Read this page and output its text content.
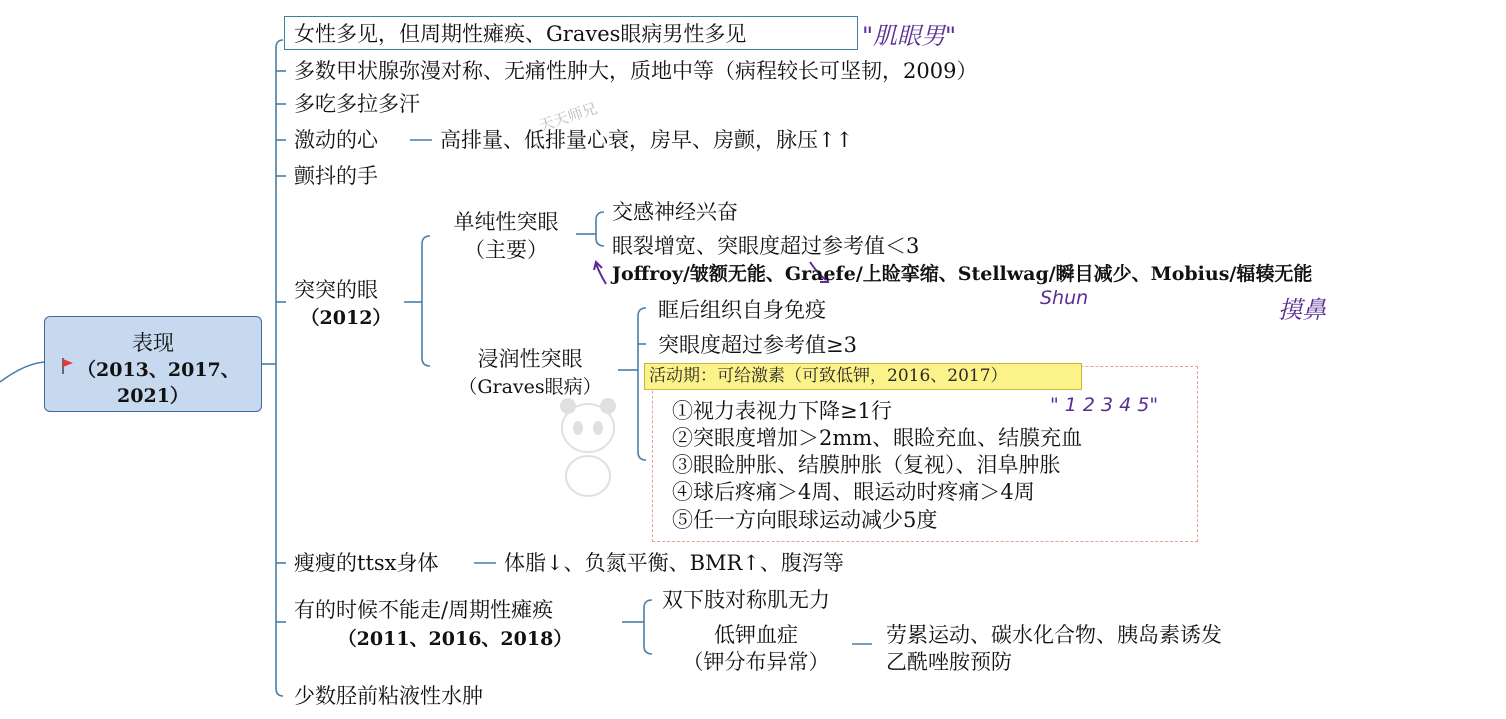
表现
（2013、2017、
2021）
女性多见，但周期性瘫痪、Graves眼病男性多见
多数甲状腺弥漫对称、无痛性肿大，质地中等（病程较长可坚韧，2009）
多吃多拉多汗
激动的心	高排量、低排量心衰，房早、房颤，脉压↑↑
颤抖的手
突突的眼
（2012）
单纯性突眼
（主要）
交感神经兴奋
眼裂增宽、突眼度超过参考值＜3
Joffroy/皱额无能、Graefe/上睑挛缩、Stellwag/瞬目减少、Mobius/辐辏无能
浸润性突眼
（Graves眼病）
眶后组织自身免疫
突眼度超过参考值≥3
活动期：可给激素（可致低钾，2016、2017）
①视力表视力下降≥1行
②突眼度增加＞2mm、眼睑充血、结膜充血
③眼睑肿胀、结膜肿胀（复视）、泪阜肿胀
④球后疼痛＞4周、眼运动时疼痛＞4周
⑤任一方向眼球运动减少5度
瘦瘦的ttsx身体	体脂↓、负氮平衡、BMR↑、腹泻等
有的时候不能走/周期性瘫痪
（2011、2016、2018）
双下肢对称肌无力
低钾血症
（钾分布异常）
劳累运动、碳水化合物、胰岛素诱发
乙酰唑胺预防
少数胫前粘液性水肿
"肌眼男"
Shun	摸鼻
" 1 2 3 4 5"
天天师兄
